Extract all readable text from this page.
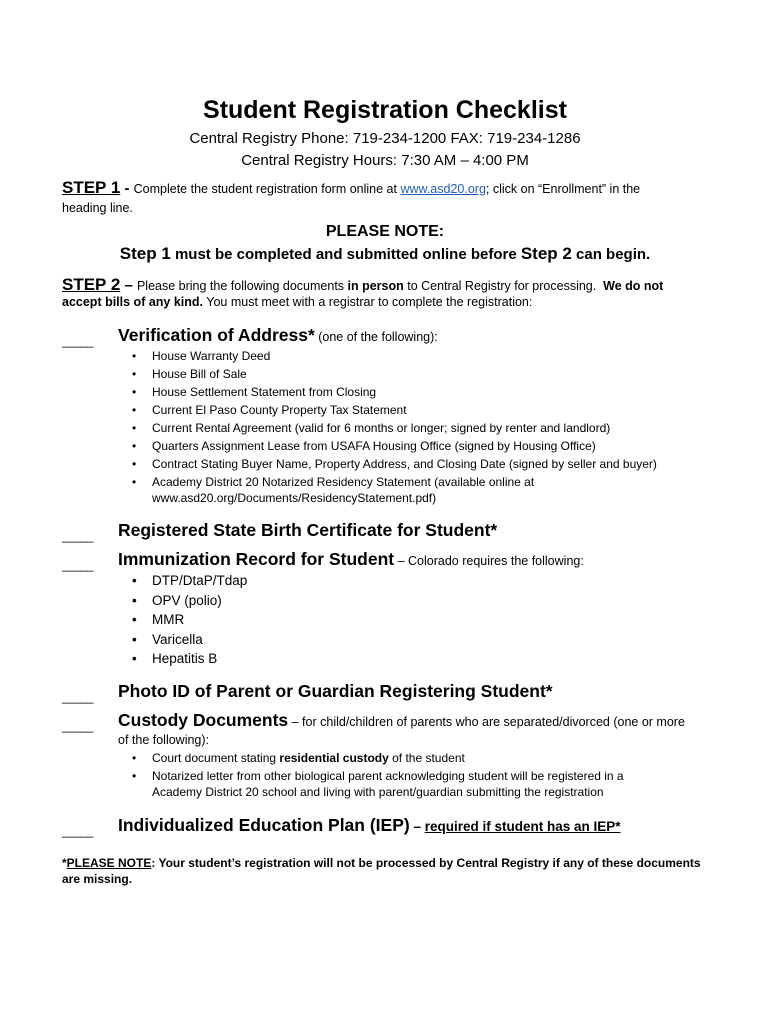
Student Registration Checklist
Central Registry Phone: 719-234-1200 FAX: 719-234-1286
Central Registry Hours: 7:30 AM – 4:00 PM
STEP 1 - Complete the student registration form online at www.asd20.org; click on “Enrollment” in the
heading line.
PLEASE NOTE:
Step 1 must be completed and submitted online before Step 2 can begin.
STEP 2 – Please bring the following documents in person to Central Registry for processing.  We do not
accept bills of any kind. You must meet with a registrar to complete the registration:
_____ Verification of Address* (one of the following):
• House Warranty Deed
• House Bill of Sale
• House Settlement Statement from Closing
• Current El Paso County Property Tax Statement
• Current Rental Agreement (valid for 6 months or longer; signed by renter and landlord)
• Quarters Assignment Lease from USAFA Housing Office (signed by Housing Office)
• Contract Stating Buyer Name, Property Address, and Closing Date (signed by seller and buyer)
• Academy District 20 Notarized Residency Statement (available online at
www.asd20.org/Documents/ResidencyStatement.pdf)
_____ Registered State Birth Certificate for Student*
_____ Immunization Record for Student – Colorado requires the following:
• DTP/DtaP/Tdap
• OPV (polio)
• MMR
• Varicella
• Hepatitis B
_____ Photo ID of Parent or Guardian Registering Student*
_____ Custody Documents – for child/children of parents who are separated/divorced (one or more
of the following):
• Court document stating residential custody of the student
• Notarized letter from other biological parent acknowledging student will be registered in a
Academy District 20 school and living with parent/guardian submitting the registration
_____ Individualized Education Plan (IEP) – required if student has an IEP*
*PLEASE NOTE: Your student’s registration will not be processed by Central Registry if any of these documents are missing.
